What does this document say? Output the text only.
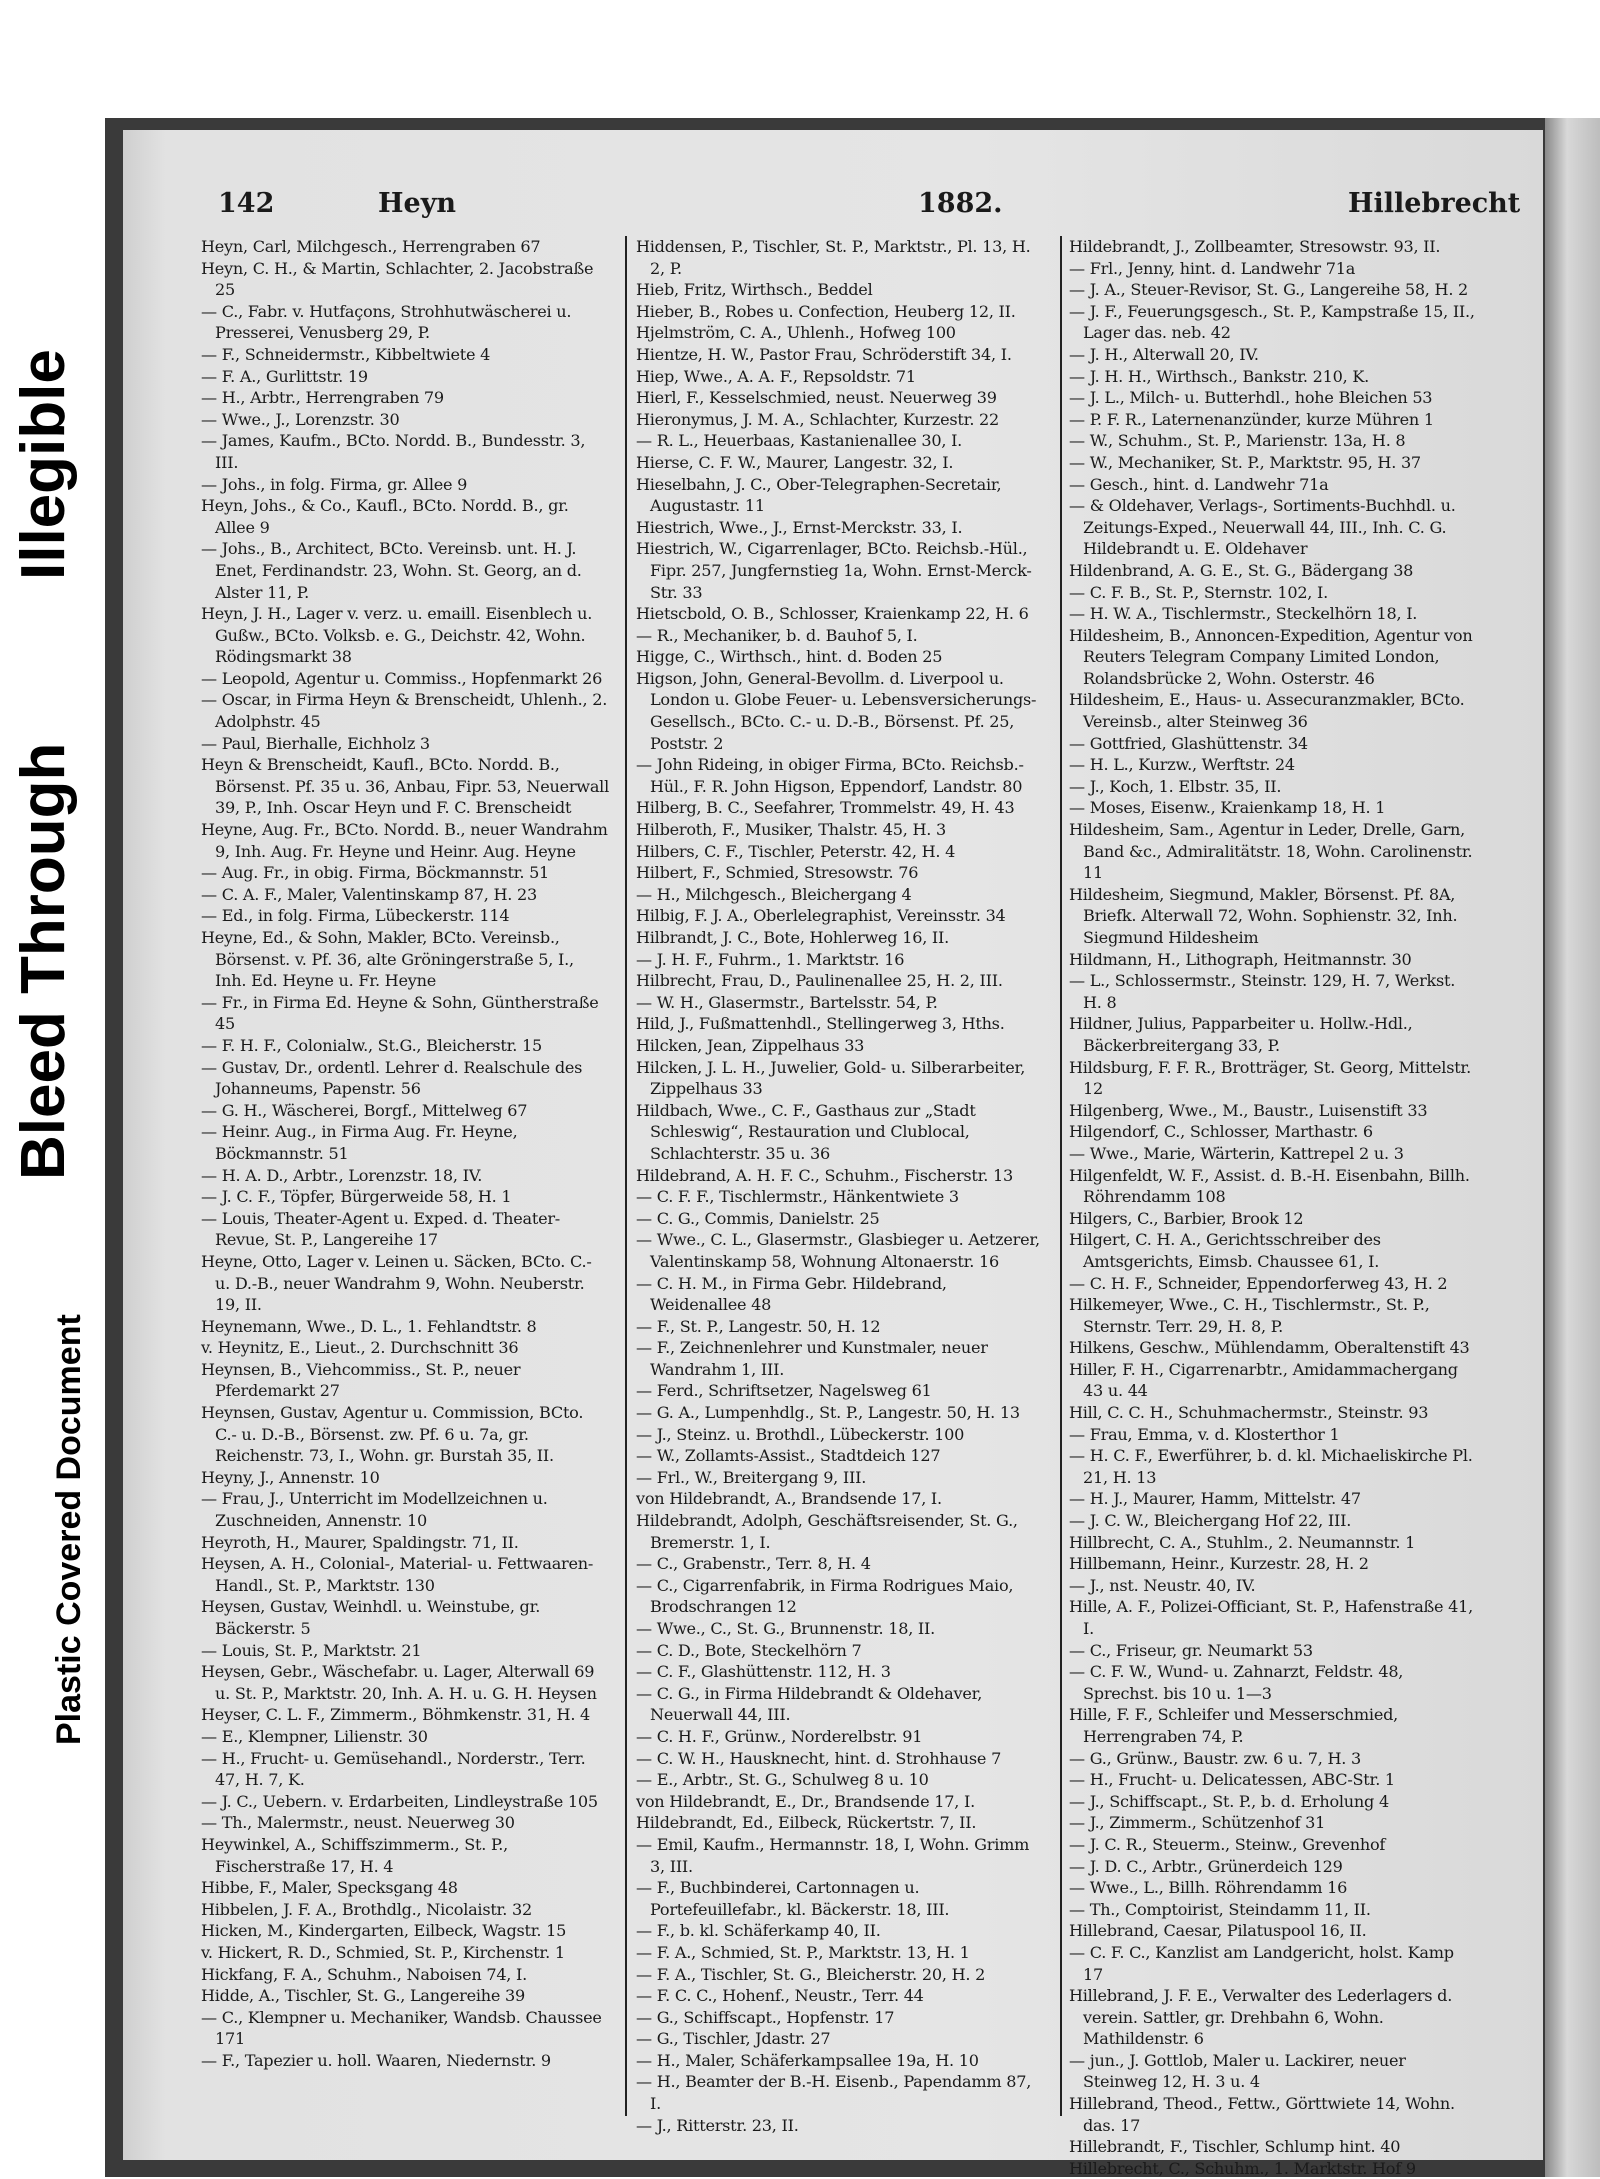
Illegible
Bleed Through
Plastic Covered Document
142	Heyn	1882.	Hillebrecht
Heyn, Carl, Milchgesch., Herrengraben 67
Heyn, C. H., & Martin, Schlachter, 2. Jacobstraße 25
— C., Fabr. v. Hutfaçons, Strohhutwäscherei u. Presserei, Venusberg 29, P.
— F., Schneidermstr., Kibbeltwiete 4
— F. A., Gurlittstr. 19
— H., Arbtr., Herrengraben 79
— Wwe., J., Lorenzstr. 30
— James, Kaufm., BCto. Nordd. B., Bundesstr. 3, III.
— Johs., in folg. Firma, gr. Allee 9
Heyn, Johs., & Co., Kaufl., BCto. Nordd. B., gr. Allee 9
— Johs., B., Architect, BCto. Vereinsb. unt. H. J. Enet, Ferdinandstr. 23, Wohn. St. Georg, an d. Alster 11, P.
Heyn, J. H., Lager v. verz. u. emaill. Eisenblech u. Gußw., BCto. Volksb. e. G., Deichstr. 42, Wohn. Rödingsmarkt 38
— Leopold, Agentur u. Commiss., Hopfenmarkt 26
— Oscar, in Firma Heyn & Brenscheidt, Uhlenh., 2. Adolphstr. 45
— Paul, Bierhalle, Eichholz 3
Heyn & Brenscheidt, Kaufl., BCto. Nordd. B., Börsenst. Pf. 35 u. 36, Anbau, Fipr. 53, Neuerwall 39, P., Inh. Oscar Heyn und F. C. Brenscheidt
Heyne, Aug. Fr., BCto. Nordd. B., neuer Wandrahm 9, Inh. Aug. Fr. Heyne und Heinr. Aug. Heyne
— Aug. Fr., in obig. Firma, Böckmannstr. 51
— C. A. F., Maler, Valentinskamp 87, H. 23
— Ed., in folg. Firma, Lübeckerstr. 114
Heyne, Ed., & Sohn, Makler, BCto. Vereinsb., Börsenst. v. Pf. 36, alte Gröningerstraße 5, I., Inh. Ed. Heyne u. Fr. Heyne
— Fr., in Firma Ed. Heyne & Sohn, Güntherstraße 45
— F. H. F., Colonialw., St.G., Bleicherstr. 15
— Gustav, Dr., ordentl. Lehrer d. Realschule des Johanneums, Papenstr. 56
— G. H., Wäscherei, Borgf., Mittelweg 67
— Heinr. Aug., in Firma Aug. Fr. Heyne, Böckmannstr. 51
— H. A. D., Arbtr., Lorenzstr. 18, IV.
— J. C. F., Töpfer, Bürgerweide 58, H. 1
— Louis, Theater-Agent u. Exped. d. Theater-Revue, St. P., Langereihe 17
Heyne, Otto, Lager v. Leinen u. Säcken, BCto. C.- u. D.-B., neuer Wandrahm 9, Wohn. Neuberstr. 19, II.
Heynemann, Wwe., D. L., 1. Fehlandtstr. 8
v. Heynitz, E., Lieut., 2. Durchschnitt 36
Heynsen, B., Viehcommiss., St. P., neuer Pferdemarkt 27
Heynsen, Gustav, Agentur u. Commission, BCto. C.- u. D.-B., Börsenst. zw. Pf. 6 u. 7a, gr. Reichenstr. 73, I., Wohn. gr. Burstah 35, II.
Heyny, J., Annenstr. 10
— Frau, J., Unterricht im Modellzeichnen u. Zuschneiden, Annenstr. 10
Heyroth, H., Maurer, Spaldingstr. 71, II.
Heysen, A. H., Colonial-, Material- u. Fettwaaren-Handl., St. P., Marktstr. 130
Heysen, Gustav, Weinhdl. u. Weinstube, gr. Bäckerstr. 5
— Louis, St. P., Marktstr. 21
Heysen, Gebr., Wäschefabr. u. Lager, Alterwall 69 u. St. P., Marktstr. 20, Inh. A. H. u. G. H. Heysen
Heyser, C. L. F., Zimmerm., Böhmkenstr. 31, H. 4
— E., Klempner, Lilienstr. 30
— H., Frucht- u. Gemüsehandl., Norderstr., Terr. 47, H. 7, K.
— J. C., Uebern. v. Erdarbeiten, Lindleystraße 105
— Th., Malermstr., neust. Neuerweg 30
Heywinkel, A., Schiffszimmerm., St. P., Fischerstraße 17, H. 4
Hibbe, F., Maler, Specksgang 48
Hibbelen, J. F. A., Brothdlg., Nicolaistr. 32
Hicken, M., Kindergarten, Eilbeck, Wagstr. 15
v. Hickert, R. D., Schmied, St. P., Kirchenstr. 1
Hickfang, F. A., Schuhm., Naboisen 74, I.
Hidde, A., Tischler, St. G., Langereihe 39
— C., Klempner u. Mechaniker, Wandsb. Chaussee 171
— F., Tapezier u. holl. Waaren, Niedernstr. 9
Hiddensen, P., Tischler, St. P., Marktstr., Pl. 13, H. 2, P.
Hieb, Fritz, Wirthsch., Beddel
Hieber, B., Robes u. Confection, Heuberg 12, II.
Hjelmström, C. A., Uhlenh., Hofweg 100
Hientze, H. W., Pastor Frau, Schröderstift 34, I.
Hiep, Wwe., A. A. F., Repsoldstr. 71
Hierl, F., Kesselschmied, neust. Neuerweg 39
Hieronymus, J. M. A., Schlachter, Kurzestr. 22
— R. L., Heuerbaas, Kastanienallee 30, I.
Hierse, C. F. W., Maurer, Langestr. 32, I.
Hieselbahn, J. C., Ober-Telegraphen-Secretair, Augustastr. 11
Hiestrich, Wwe., J., Ernst-Merckstr. 33, I.
Hiestrich, W., Cigarrenlager, BCto. Reichsb.-Hül., Fipr. 257, Jungfernstieg 1a, Wohn. Ernst-Merck-Str. 33
Hietscbold, O. B., Schlosser, Kraienkamp 22, H. 6
— R., Mechaniker, b. d. Bauhof 5, I.
Higge, C., Wirthsch., hint. d. Boden 25
Higson, John, General-Bevollm. d. Liverpool u. London u. Globe Feuer- u. Lebensversicherungs-Gesellsch., BCto. C.- u. D.-B., Börsenst. Pf. 25, Poststr. 2
— John Rideing, in obiger Firma, BCto. Reichsb.-Hül., F. R. John Higson, Eppendorf, Landstr. 80
Hilberg, B. C., Seefahrer, Trommelstr. 49, H. 43
Hilberoth, F., Musiker, Thalstr. 45, H. 3
Hilbers, C. F., Tischler, Peterstr. 42, H. 4
Hilbert, F., Schmied, Stresowstr. 76
— H., Milchgesch., Bleichergang 4
Hilbig, F. J. A., Oberlelegraphist, Vereinsstr. 34
Hilbrandt, J. C., Bote, Hohlerweg 16, II.
— J. H. F., Fuhrm., 1. Marktstr. 16
Hilbrecht, Frau, D., Paulinenallee 25, H. 2, III.
— W. H., Glasermstr., Bartelsstr. 54, P.
Hild, J., Fußmattenhdl., Stellingerweg 3, Hths.
Hilcken, Jean, Zippelhaus 33
Hilcken, J. L. H., Juwelier, Gold- u. Silberarbeiter, Zippelhaus 33
Hildbach, Wwe., C. F., Gasthaus zur „Stadt Schleswig“, Restauration und Clublocal, Schlachterstr. 35 u. 36
Hildebrand, A. H. F. C., Schuhm., Fischerstr. 13
— C. F. F., Tischlermstr., Hänkentwiete 3
— C. G., Commis, Danielstr. 25
— Wwe., C. L., Glasermstr., Glasbieger u. Aetzerer, Valentinskamp 58, Wohnung Altonaerstr. 16
— C. H. M., in Firma Gebr. Hildebrand, Weidenallee 48
— F., St. P., Langestr. 50, H. 12
— F., Zeichnenlehrer und Kunstmaler, neuer Wandrahm 1, III.
— Ferd., Schriftsetzer, Nagelsweg 61
— G. A., Lumpenhdlg., St. P., Langestr. 50, H. 13
— J., Steinz. u. Brothdl., Lübeckerstr. 100
— W., Zollamts-Assist., Stadtdeich 127
— Frl., W., Breitergang 9, III.
von Hildebrandt, A., Brandsende 17, I.
Hildebrandt, Adolph, Geschäftsreisender, St. G., Bremerstr. 1, I.
— C., Grabenstr., Terr. 8, H. 4
— C., Cigarrenfabrik, in Firma Rodrigues Maio, Brodschrangen 12
— Wwe., C., St. G., Brunnenstr. 18, II.
— C. D., Bote, Steckelhörn 7
— C. F., Glashüttenstr. 112, H. 3
— C. G., in Firma Hildebrandt & Oldehaver, Neuerwall 44, III.
— C. H. F., Grünw., Norderelbstr. 91
— C. W. H., Hausknecht, hint. d. Strohhause 7
— E., Arbtr., St. G., Schulweg 8 u. 10
von Hildebrandt, E., Dr., Brandsende 17, I.
Hildebrandt, Ed., Eilbeck, Rückertstr. 7, II.
— Emil, Kaufm., Hermannstr. 18, I, Wohn. Grimm 3, III.
— F., Buchbinderei, Cartonnagen u. Portefeuillefabr., kl. Bäckerstr. 18, III.
— F., b. kl. Schäferkamp 40, II.
— F. A., Schmied, St. P., Marktstr. 13, H. 1
— F. A., Tischler, St. G., Bleicherstr. 20, H. 2
— F. C. C., Hohenf., Neustr., Terr. 44
— G., Schiffscapt., Hopfenstr. 17
— G., Tischler, Jdastr. 27
— H., Maler, Schäferkampsallee 19a, H. 10
— H., Beamter der B.-H. Eisenb., Papendamm 87, I.
— J., Ritterstr. 23, II.
Hildebrandt, J., Zollbeamter, Stresowstr. 93, II.
— Frl., Jenny, hint. d. Landwehr 71a
— J. A., Steuer-Revisor, St. G., Langereihe 58, H. 2
— J. F., Feuerungsgesch., St. P., Kampstraße 15, II., Lager das. neb. 42
— J. H., Alterwall 20, IV.
— J. H. H., Wirthsch., Bankstr. 210, K.
— J. L., Milch- u. Butterhdl., hohe Bleichen 53
— P. F. R., Laternenanzünder, kurze Mühren 1
— W., Schuhm., St. P., Marienstr. 13a, H. 8
— W., Mechaniker, St. P., Marktstr. 95, H. 37
— Gesch., hint. d. Landwehr 71a
— & Oldehaver, Verlags-, Sortiments-Buchhdl. u. Zeitungs-Exped., Neuerwall 44, III., Inh. C. G. Hildebrandt u. E. Oldehaver
Hildenbrand, A. G. E., St. G., Bädergang 38
— C. F. B., St. P., Sternstr. 102, I.
— H. W. A., Tischlermstr., Steckelhörn 18, I.
Hildesheim, B., Annoncen-Expedition, Agentur von Reuters Telegram Company Limited London, Rolandsbrücke 2, Wohn. Osterstr. 46
Hildesheim, E., Haus- u. Assecuranzmakler, BCto. Vereinsb., alter Steinweg 36
— Gottfried, Glashüttenstr. 34
— H. L., Kurzw., Werftstr. 24
— J., Koch, 1. Elbstr. 35, II.
— Moses, Eisenw., Kraienkamp 18, H. 1
Hildesheim, Sam., Agentur in Leder, Drelle, Garn, Band &c., Admiralitätstr. 18, Wohn. Carolinenstr. 11
Hildesheim, Siegmund, Makler, Börsenst. Pf. 8A, Briefk. Alterwall 72, Wohn. Sophienstr. 32, Inh. Siegmund Hildesheim
Hildmann, H., Lithograph, Heitmannstr. 30
— L., Schlossermstr., Steinstr. 129, H. 7, Werkst. H. 8
Hildner, Julius, Papparbeiter u. Hollw.-Hdl., Bäckerbreitergang 33, P.
Hildsburg, F. F. R., Brotträger, St. Georg, Mittelstr. 12
Hilgenberg, Wwe., M., Baustr., Luisenstift 33
Hilgendorf, C., Schlosser, Marthastr. 6
— Wwe., Marie, Wärterin, Kattrepel 2 u. 3
Hilgenfeldt, W. F., Assist. d. B.-H. Eisenbahn, Billh. Röhrendamm 108
Hilgers, C., Barbier, Brook 12
Hilgert, C. H. A., Gerichtsschreiber des Amtsgerichts, Eimsb. Chaussee 61, I.
— C. H. F., Schneider, Eppendorferweg 43, H. 2
Hilkemeyer, Wwe., C. H., Tischlermstr., St. P., Sternstr. Terr. 29, H. 8, P.
Hilkens, Geschw., Mühlendamm, Oberaltenstift 43
Hiller, F. H., Cigarrenarbtr., Amidammachergang 43 u. 44
Hill, C. C. H., Schuhmachermstr., Steinstr. 93
— Frau, Emma, v. d. Klosterthor 1
— H. C. F., Ewerführer, b. d. kl. Michaeliskirche Pl. 21, H. 13
— H. J., Maurer, Hamm, Mittelstr. 47
— J. C. W., Bleichergang Hof 22, III.
Hillbrecht, C. A., Stuhlm., 2. Neumannstr. 1
Hillbemann, Heinr., Kurzestr. 28, H. 2
— J., nst. Neustr. 40, IV.
Hille, A. F., Polizei-Officiant, St. P., Hafenstraße 41, I.
— C., Friseur, gr. Neumarkt 53
— C. F. W., Wund- u. Zahnarzt, Feldstr. 48, Sprechst. bis 10 u. 1—3
Hille, F. F., Schleifer und Messerschmied, Herrengraben 74, P.
— G., Grünw., Baustr. zw. 6 u. 7, H. 3
— H., Frucht- u. Delicatessen, ABC-Str. 1
— J., Schiffscapt., St. P., b. d. Erholung 4
— J., Zimmerm., Schützenhof 31
— J. C. R., Steuerm., Steinw., Grevenhof
— J. D. C., Arbtr., Grünerdeich 129
— Wwe., L., Billh. Röhrendamm 16
— Th., Comptoirist, Steindamm 11, II.
Hillebrand, Caesar, Pilatuspool 16, II.
— C. F. C., Kanzlist am Landgericht, holst. Kamp 17
Hillebrand, J. F. E., Verwalter des Lederlagers d. verein. Sattler, gr. Drehbahn 6, Wohn. Mathildenstr. 6
— jun., J. Gottlob, Maler u. Lackirer, neuer Steinweg 12, H. 3 u. 4
Hillebrand, Theod., Fettw., Görttwiete 14, Wohn. das. 17
Hillebrandt, F., Tischler, Schlump hint. 40
Hillebrecht, C., Schuhm., 1. Marktstr. Hof 9
